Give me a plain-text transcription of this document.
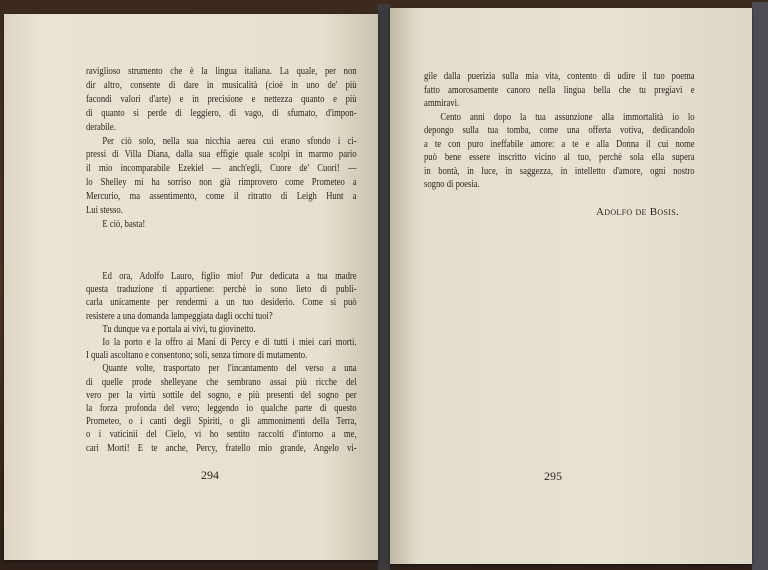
raviglioso strumento che è la lingua italiana. La quale, per non
dir altro, consente di dare in musicalità (cioè in uno de' più
facondi valori d'arte) e in precisione e nettezza quanto e più
di quanto si perde di leggiero, di vago, di sfumato, d'impon-
derabile.
Per ciò solo, nella sua nicchia aerea cui erano sfondo i ci-
pressi di Villa Diana, dalla sua effigie quale scolpì in marmo pario
il mio incomparabile Ezekiel — anch'egli, Cuore de' Cuori! —
lo Shelley mi ha sorriso non già rimprovero come Prometeo a
Mercurio, ma assentimento, come il ritratto di Leigh Hunt a
Lui stesso.
E ciò, basta!
Ed ora, Adolfo Lauro, figlio mio! Pur dedicata a tua madre
questa traduzione ti appartiene: perchè io sono lieto di publi-
carla unicamente per rendermi a un tuo desiderio. Come si può
resistere a una domanda lampeggiata dagli occhi tuoi?
Tu dunque va e portala ai vivi, tu giovinetto.
Io la porto e la offro ai Mani di Percy e di tutti i miei cari morti.
I quali ascoltano e consentono; soli, senza timore di mutamento.
Quante volte, trasportato per l'incantamento del verso a una
di quelle prode shelleyane che sembrano assai più ricche del
vero per la virtù sottile del sogno, e più presenti del sogno per
la forza profonda del vero; leggendo io qualche parte di questo
Prometeo, o i canti degli Spiriti, o gli ammonimenti della Terra,
o i vaticinii del Cielo, vi ho sentito raccolti d'intorno a me,
cari Morti! E te anche, Percy, fratello mio grande, Angelo vi-
294
gile dalla puerizia sulla mia vita, contento di udire il tuo poema
fatto amorosamente canoro nella lingua bella che tu pregiavi e
ammiravi.
Cento anni dopo la tua assunzione alla immortalità io lo
depongo sulla tua tomba, come una offerta votiva, dedicandolo
a te con puro ineffabile amore: a te e alla Donna il cui nome
può bene essere inscritto vicino al tuo, perchè sola ella supera
in bontà, in luce, in saggezza, in intelletto d'amore, ogni nostro
sogno di poesia.
Adolfo de Bosis.
295
